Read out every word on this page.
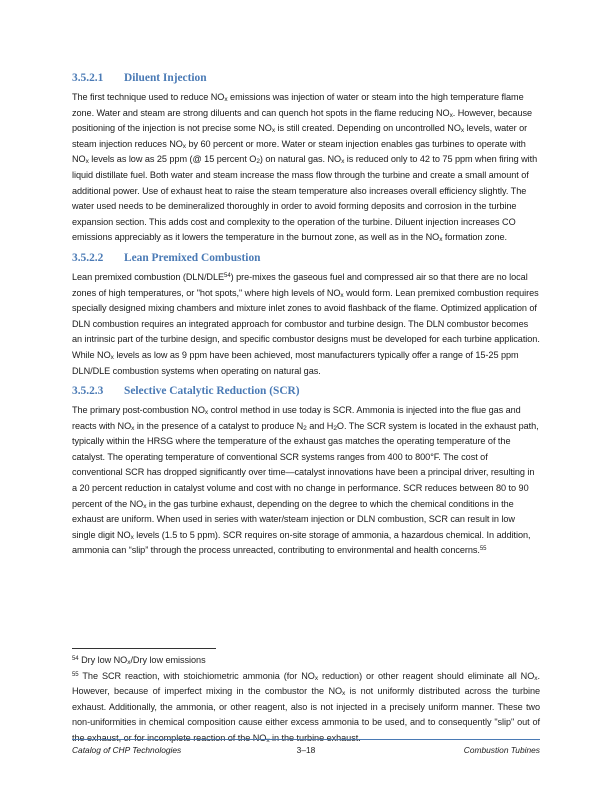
3.5.2.1 Diluent Injection

The first technique used to reduce $NO_x$ emissions was injection of water or steam into the high temperature flame zone. Water and steam are strong diluents and can quench hot spots in the flame reducing $NO_x$. However, because positioning of the injection is not precise some $NO_x$ is still created. Depending on uncontrolled $NO_x$ levels, water or steam injection reduces $NO_x$ by 60 percent or more. Water or steam injection enables gas turbines to operate with $NO_x$ levels as low as 25 ppm (@ 15 percent $O_2$) on natural gas. $NO_x$ is reduced only to 42 to 75 ppm when firing with liquid distillate fuel. Both water and steam increase the mass flow through the turbine and create a small amount of additional power. Use of exhaust heat to raise the steam temperature also increases overall efficiency slightly. The water used needs to be demineralized thoroughly in order to avoid forming deposits and corrosion in the turbine expansion section. This adds cost and complexity to the operation of the turbine. Diluent injection increases CO emissions appreciably as it lowers the temperature in the burnout zone, as well as in the $NO_x$ formation zone.

3.5.2.2 Lean Premixed Combustion

Lean premixed combustion (DLN/DLE$^{54}$) pre-mixes the gaseous fuel and compressed air so that there are no local zones of high temperatures, or "hot spots," where high levels of $NO_x$ would form. Lean premixed combustion requires specially designed mixing chambers and mixture inlet zones to avoid flashback of the flame. Optimized application of DLN combustion requires an integrated approach for combustor and turbine design. The DLN combustor becomes an intrinsic part of the turbine design, and specific combustor designs must be developed for each turbine application. While $NO_x$ levels as low as 9 ppm have been achieved, most manufacturers typically offer a range of 15-25 ppm DLN/DLE combustion systems when operating on natural gas.

3.5.2.3 Selective Catalytic Reduction (SCR)

The primary post-combustion $NO_x$ control method in use today is SCR. Ammonia is injected into the flue gas and reacts with $NO_x$ in the presence of a catalyst to produce $N_2$ and $H_2O$. The SCR system is located in the exhaust path, typically within the HRSG where the temperature of the exhaust gas matches the operating temperature of the catalyst. The operating temperature of conventional SCR systems ranges from 400 to 800°F. The cost of conventional SCR has dropped significantly over time—catalyst innovations have been a principal driver, resulting in a 20 percent reduction in catalyst volume and cost with no change in performance. SCR reduces between 80 to 90 percent of the $NO_x$ in the gas turbine exhaust, depending on the degree to which the chemical conditions in the exhaust are uniform. When used in series with water/steam injection or DLN combustion, SCR can result in low single digit $NO_x$ levels (1.5 to 5 ppm). SCR requires on-site storage of ammonia, a hazardous chemical. In addition, ammonia can “slip” through the process unreacted, contributing to environmental and health concerns.$^{55}$

$^{54}$ Dry low $NO_x$/Dry low emissions

$^{55}$ The SCR reaction, with stoichiometric ammonia (for $NO_x$ reduction) or other reagent should eliminate all $NO_x$. However, because of imperfect mixing in the combustor the $NO_x$ is not uniformly distributed across the turbine exhaust. Additionally, the ammonia, or other reagent, also is not injected in a precisely uniform manner. These two non-uniformities in chemical composition cause either excess ammonia to be used, and to consequently "slip" out of the exhaust, or for incomplete reaction of the $NO_x$ in the turbine exhaust.

Catalog of CHP Technologies	3–18	Combustion Tubines
